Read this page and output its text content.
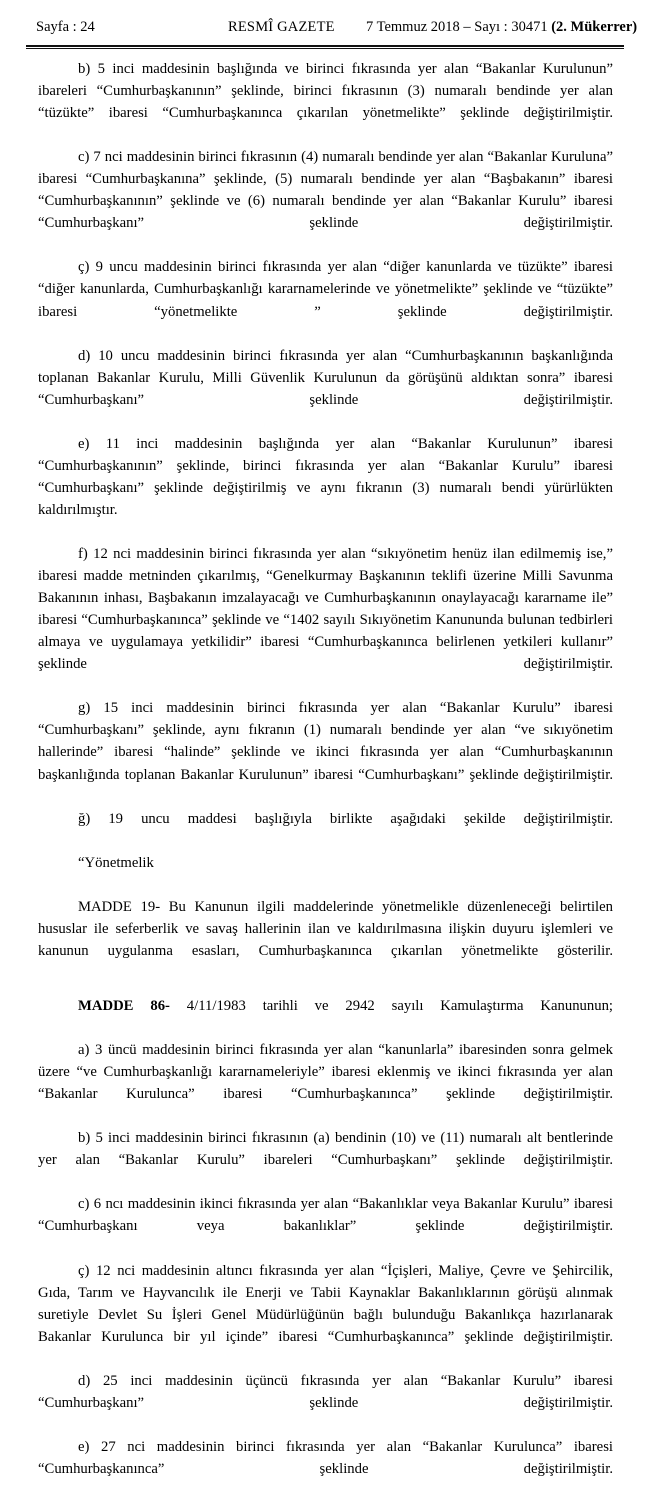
Sayfa : 24	RESMÎ GAZETE 7 Temmuz 2018 – Sayı : 30471 (2. Mükerrer)

b) 5 inci maddesinin başlığında ve birinci fıkrasında yer alan “Bakanlar Kurulunun” ibareleri “Cumhurbaşkanının” şeklinde, birinci fıkrasının (3) numaralı bendinde yer alan “tüzükte” ibaresi “Cumhurbaşkanınca çıkarılan yönetmelikte” şeklinde değiştirilmiştir.

c) 7 nci maddesinin birinci fıkrasının (4) numaralı bendinde yer alan “Bakanlar Kuruluna” ibaresi “Cumhurbaşkanına” şeklinde, (5) numaralı bendinde yer alan “Başbakanın” ibaresi “Cumhurbaşkanının” şeklinde ve (6) numaralı bendinde yer alan “Bakanlar Kurulu” ibaresi “Cumhurbaşkanı” şeklinde değiştirilmiştir.

ç) 9 uncu maddesinin birinci fıkrasında yer alan “diğer kanunlarda ve tüzükte” ibaresi “diğer kanunlarda, Cumhurbaşkanlığı kararnamelerinde ve yönetmelikte” şeklinde ve “tüzükte” ibaresi “yönetmelikte ” şeklinde değiştirilmiştir.

d) 10 uncu maddesinin birinci fıkrasında yer alan “Cumhurbaşkanının başkanlığında toplanan Bakanlar Kurulu, Milli Güvenlik Kurulunun da görüşünü aldıktan sonra” ibaresi “Cumhurbaşkanı” şeklinde değiştirilmiştir.

e) 11 inci maddesinin başlığında yer alan “Bakanlar Kurulunun” ibaresi “Cumhurbaşkanının” şeklinde, birinci fıkrasında yer alan “Bakanlar Kurulu” ibaresi “Cumhurbaşkanı” şeklinde değiştirilmiş ve aynı fıkranın (3) numaralı bendi yürürlükten kaldırılmıştır.

f) 12 nci maddesinin birinci fıkrasında yer alan “sıkıyönetim henüz ilan edilmemiş ise,” ibaresi madde metninden çıkarılmış, “Genelkurmay Başkanının teklifi üzerine Milli Savunma Bakanının inhası, Başbakanın imzalayacağı ve Cumhurbaşkanının onaylayacağı kararname ile” ibaresi “Cumhurbaşkanınca” şeklinde ve “1402 sayılı Sıkıyönetim Kanununda bulunan tedbirleri almaya ve uygulamaya yetkilidir” ibaresi “Cumhurbaşkanınca belirlenen yetkileri kullanır” şeklinde değiştirilmiştir.

g) 15 inci maddesinin birinci fıkrasında yer alan “Bakanlar Kurulu” ibaresi “Cumhurbaşkanı” şeklinde, aynı fıkranın (1) numaralı bendinde yer alan “ve sıkıyönetim hallerinde” ibaresi “halinde” şeklinde ve ikinci fıkrasında yer alan “Cumhurbaşkanının başkanlığında toplanan Bakanlar Kurulunun” ibaresi “Cumhurbaşkanı” şeklinde değiştirilmiştir.

ğ) 19 uncu maddesi başlığıyla birlikte aşağıdaki şekilde değiştirilmiştir.

“Yönetmelik

MADDE 19- Bu Kanunun ilgili maddelerinde yönetmelikle düzenleneceği belirtilen hususlar ile seferberlik ve savaş hallerinin ilan ve kaldırılmasına ilişkin duyuru işlemleri ve kanunun uygulanma esasları, Cumhurbaşkanınca çıkarılan yönetmelikte gösterilir.

MADDE 86- 4/11/1983 tarihli ve 2942 sayılı Kamulaştırma Kanununun;

a) 3 üncü maddesinin birinci fıkrasında yer alan “kanunlarla” ibaresinden sonra gelmek üzere “ve Cumhurbaşkanlığı kararnameleriyle” ibaresi eklenmiş ve ikinci fıkrasında yer alan “Bakanlar Kurulunca” ibaresi “Cumhurbaşkanınca” şeklinde değiştirilmiştir.

b) 5 inci maddesinin birinci fıkrasının (a) bendinin (10) ve (11) numaralı alt bentlerinde yer alan “Bakanlar Kurulu” ibareleri “Cumhurbaşkanı” şeklinde değiştirilmiştir.

c) 6 ncı maddesinin ikinci fıkrasında yer alan “Bakanlıklar veya Bakanlar Kurulu” ibaresi “Cumhurbaşkanı veya bakanlıklar” şeklinde değiştirilmiştir.

ç) 12 nci maddesinin altıncı fıkrasında yer alan “İçişleri, Maliye, Çevre ve Şehircilik, Gıda, Tarım ve Hayvancılık ile Enerji ve Tabii Kaynaklar Bakanlıklarının görüşü alınmak suretiyle Devlet Su İşleri Genel Müdürlüğünün bağlı bulunduğu Bakanlıkça hazırlanarak Bakanlar Kurulunca bir yıl içinde” ibaresi “Cumhurbaşkanınca” şeklinde değiştirilmiştir.

d) 25 inci maddesinin üçüncü fıkrasında yer alan “Bakanlar Kurulu” ibaresi “Cumhurbaşkanı” şeklinde değiştirilmiştir.

e) 27 nci maddesinin birinci fıkrasında yer alan “Bakanlar Kurulunca” ibaresi “Cumhurbaşkanınca” şeklinde değiştirilmiştir.
